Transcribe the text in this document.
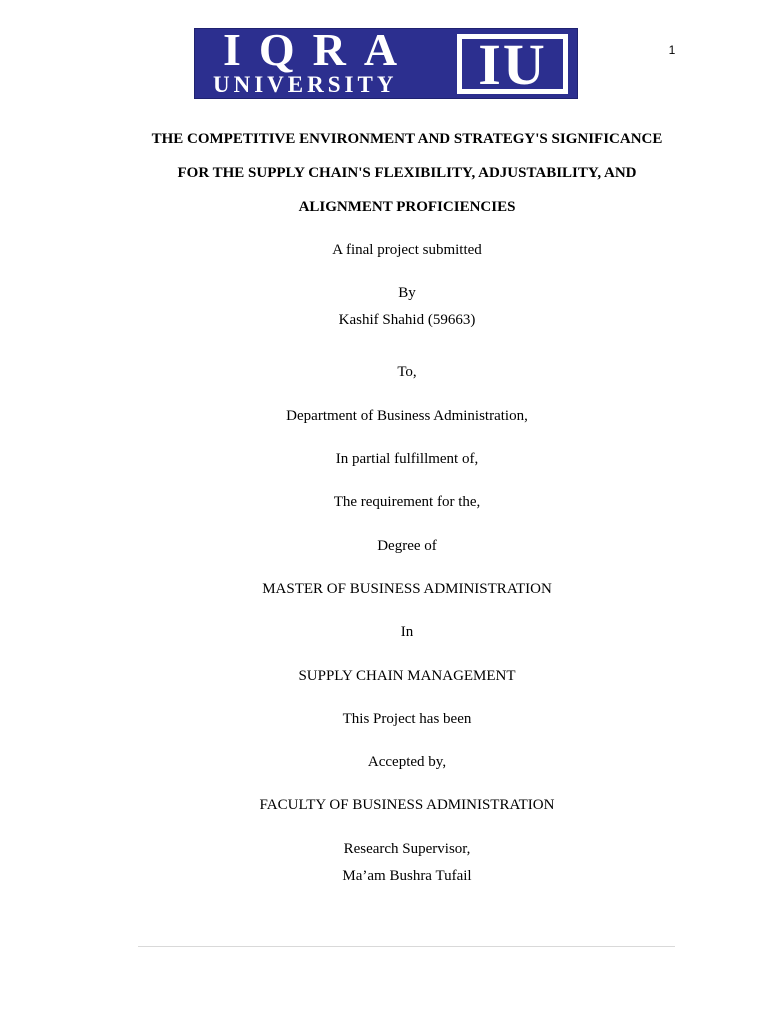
IQRA
UNIVERSITY IU	1
THE COMPETITIVE ENVIRONMENT AND STRATEGY'S SIGNIFICANCE
FOR THE SUPPLY CHAIN'S FLEXIBILITY, ADJUSTABILITY, AND
ALIGNMENT PROFICIENCIES
A final project submitted
By
Kashif Shahid (59663)
To,
Department of Business Administration,
In partial fulfillment of,
The requirement for the,
Degree of
MASTER OF BUSINESS ADMINISTRATION
In
SUPPLY CHAIN MANAGEMENT
This Project has been
Accepted by,
FACULTY OF BUSINESS ADMINISTRATION
Research Supervisor,
Ma’am Bushra Tufail
